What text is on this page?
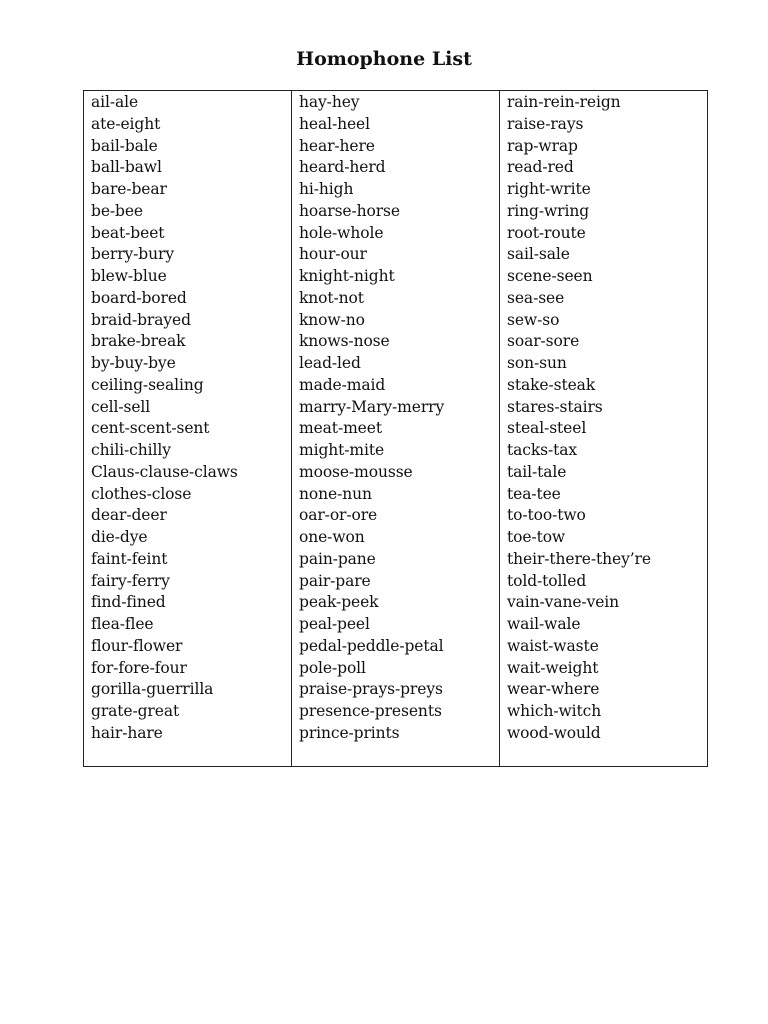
Homophone List
ail-ale
ate-eight
bail-bale
ball-bawl
bare-bear
be-bee
beat-beet
berry-bury
blew-blue
board-bored
braid-brayed
brake-break
by-buy-bye
ceiling-sealing
cell-sell
cent-scent-sent
chili-chilly
Claus-clause-claws
clothes-close
dear-deer
die-dye
faint-feint
fairy-ferry
find-fined
flea-flee
flour-flower
for-fore-four
gorilla-guerrilla
grate-great
hair-hare

hay-hey
heal-heel
hear-here
heard-herd
hi-high
hoarse-horse
hole-whole
hour-our
knight-night
knot-not
know-no
knows-nose
lead-led
made-maid
marry-Mary-merry
meat-meet
might-mite
moose-mousse
none-nun
oar-or-ore
one-won
pain-pane
pair-pare
peak-peek
peal-peel
pedal-peddle-petal
pole-poll
praise-prays-preys
presence-presents
prince-prints

rain-rein-reign
raise-rays
rap-wrap
read-red
right-write
ring-wring
root-route
sail-sale
scene-seen
sea-see
sew-so
soar-sore
son-sun
stake-steak
stares-stairs
steal-steel
tacks-tax
tail-tale
tea-tee
to-too-two
toe-tow
their-there-they’re
told-tolled
vain-vane-vein
wail-wale
waist-waste
wait-weight
wear-where
which-witch
wood-would
